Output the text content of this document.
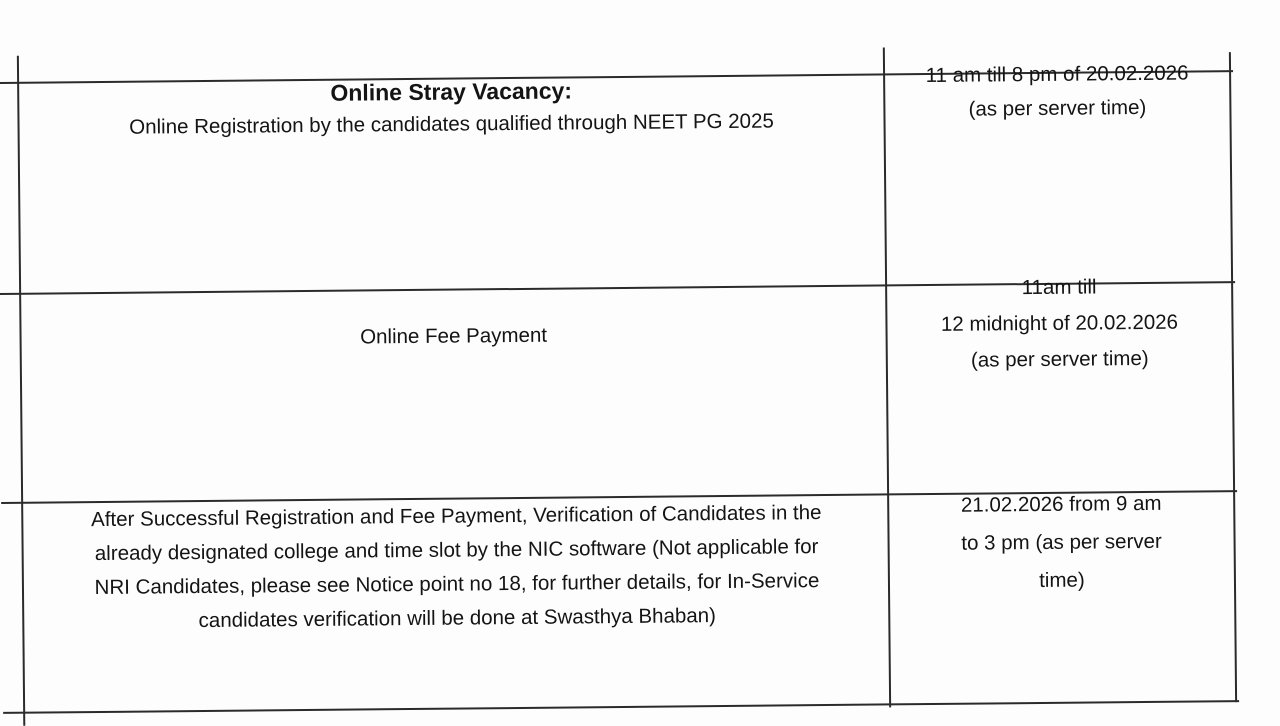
Online Stray Vacancy:
Online Registration by the candidates qualified through NEET PG 2025
11 am till 8 pm of 20.02.2026
(as per server time)
Online Fee Payment
11am till
12 midnight of 20.02.2026
(as per server time)
After Successful Registration and Fee Payment, Verification of Candidates in the
already designated college and time slot by the NIC software (Not applicable for
NRI Candidates, please see Notice point no 18, for further details, for In-Service
candidates verification will be done at Swasthya Bhaban)
21.02.2026 from 9 am
to 3 pm (as per server
time)
